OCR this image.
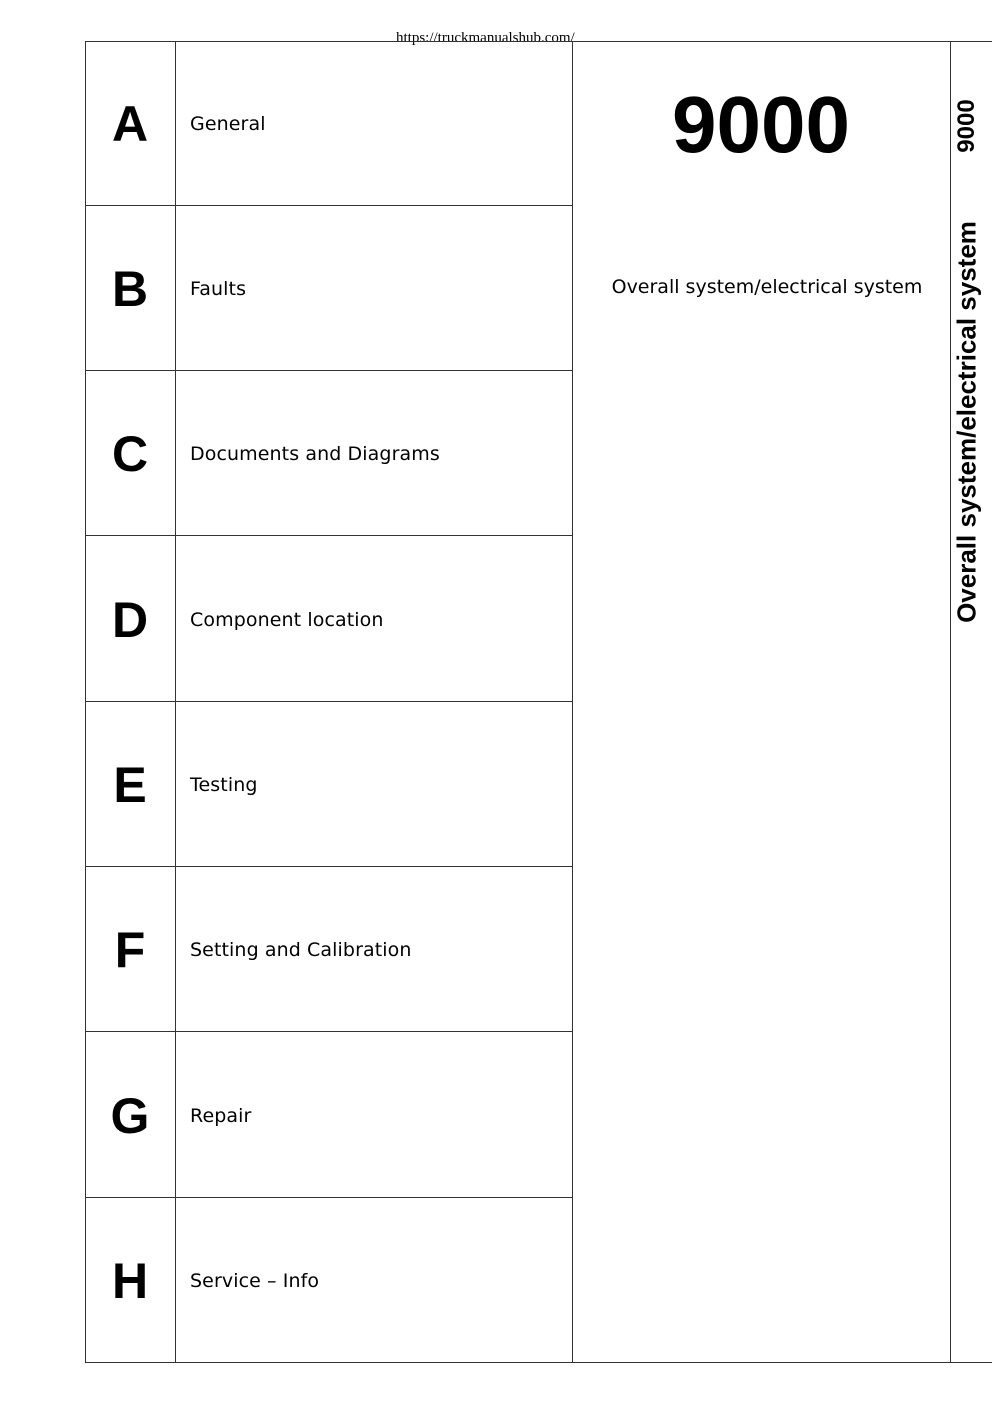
https://truckmanualshub.com/
A	General
B	Faults
C	Documents and Diagrams
D	Component location
E	Testing
F	Setting and Calibration
G	Repair
H	Service – Info
9000
Overall system/electrical system
9000
Overall system/electrical system
